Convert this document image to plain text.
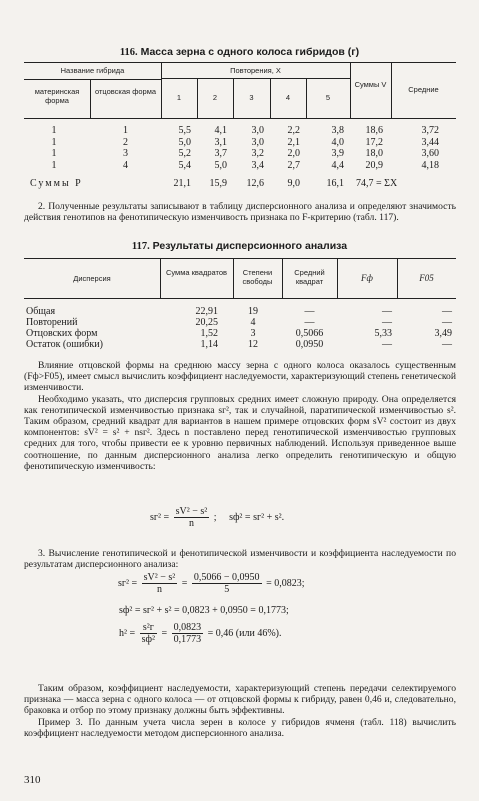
116. Масса зерна с одного колоса гибридов (г)
Название гибрида
материнская форма
отцовская форма
Повторения, X
1	2	3	4	5
Суммы V
Средние
1	1	5,5	4,1	3,0	2,2	3,8	18,6	3,72
1	2	5,0	3,1	3,0	2,1	4,0	17,2	3,44
1	3	5,2	3,7	3,2	2,0	3,9	18,0	3,60
1	4	5,4	5,0	3,4	2,7	4,4	20,9	4,18
Суммы P	21,1	15,9	12,6	9,0	16,1 74,7 = ΣX

2. Полученные результаты записывают в таблицу дисперсионного анализа и определяют значимость действия генотипов на фенотипическую изменчивость признака по F-критерию (табл. 117).

117. Результаты дисперсионного анализа
Дисперсия
Сумма квадратов	Степени свободы
Средний квадрат	Fф	F05
Общая	22,91	19	—	—	—
Повторений	20,25	4	—	—	—
Отцовских форм	1,52	3	0,5066	5,33	3,49
Остаток (ошибки)	1,14	12	0,0950	—	—

Влияние отцовской формы на среднюю массу зерна с одного колоса оказалось существенным (Fф>F05), имеет смысл вычислить коэффициент наследуемости, характеризующий степень генетической изменчивости.

Необходимо указать, что дисперсия групповых средних имеет сложную природу. Она определяется как генотипической изменчивостью признака sг², так и случайной, паратипической изменчивостью s². Таким образом, средний квадрат для вариантов в нашем примере отцовских форм sV² состоит из двух компонентов: sV² = s² + nsг². Здесь n поставлено перед генотипической изменчивостью групповых средних для того, чтобы привести ее к уровню первичных наблюдений. Используя приведенное выше соотношение, по данным дисперсионного анализа легко определить генотипическую и общую фенотипическую изменчивость:

$sг^2 = \frac{\text{sV² − s²}}{n}$ ; sф² = sг² + s².

3. Вычисление генотипической и фенотипической изменчивости и коэффициента наследуемости по результатам дисперсионного анализа:

$sг^2 = \frac{\text{sV² − s²}}{n} = \frac{0,5066 - 0,0950}{5} = 0,0823$;
sф² = sг² + s² = 0,0823 + 0,0950 = 0,1773;
$h^2 = \frac{\text{s²г}}{\text{sф²}} = \frac{0,0823}{0,1773} = 0,46$ (или 46%).

Таким образом, коэффициент наследуемости, характеризующий степень передачи селектируемого признака — масса зерна с одного колоса — от отцовской формы к гибриду, равен 0,46 и, следовательно, браковка и отбор по этому признаку должны быть эффективны.

Пример 3. По данным учета числа зерен в колосе у гибридов ячменя (табл. 118) вычислить коэффициент наследуемости методом дисперсионного анализа.

310
